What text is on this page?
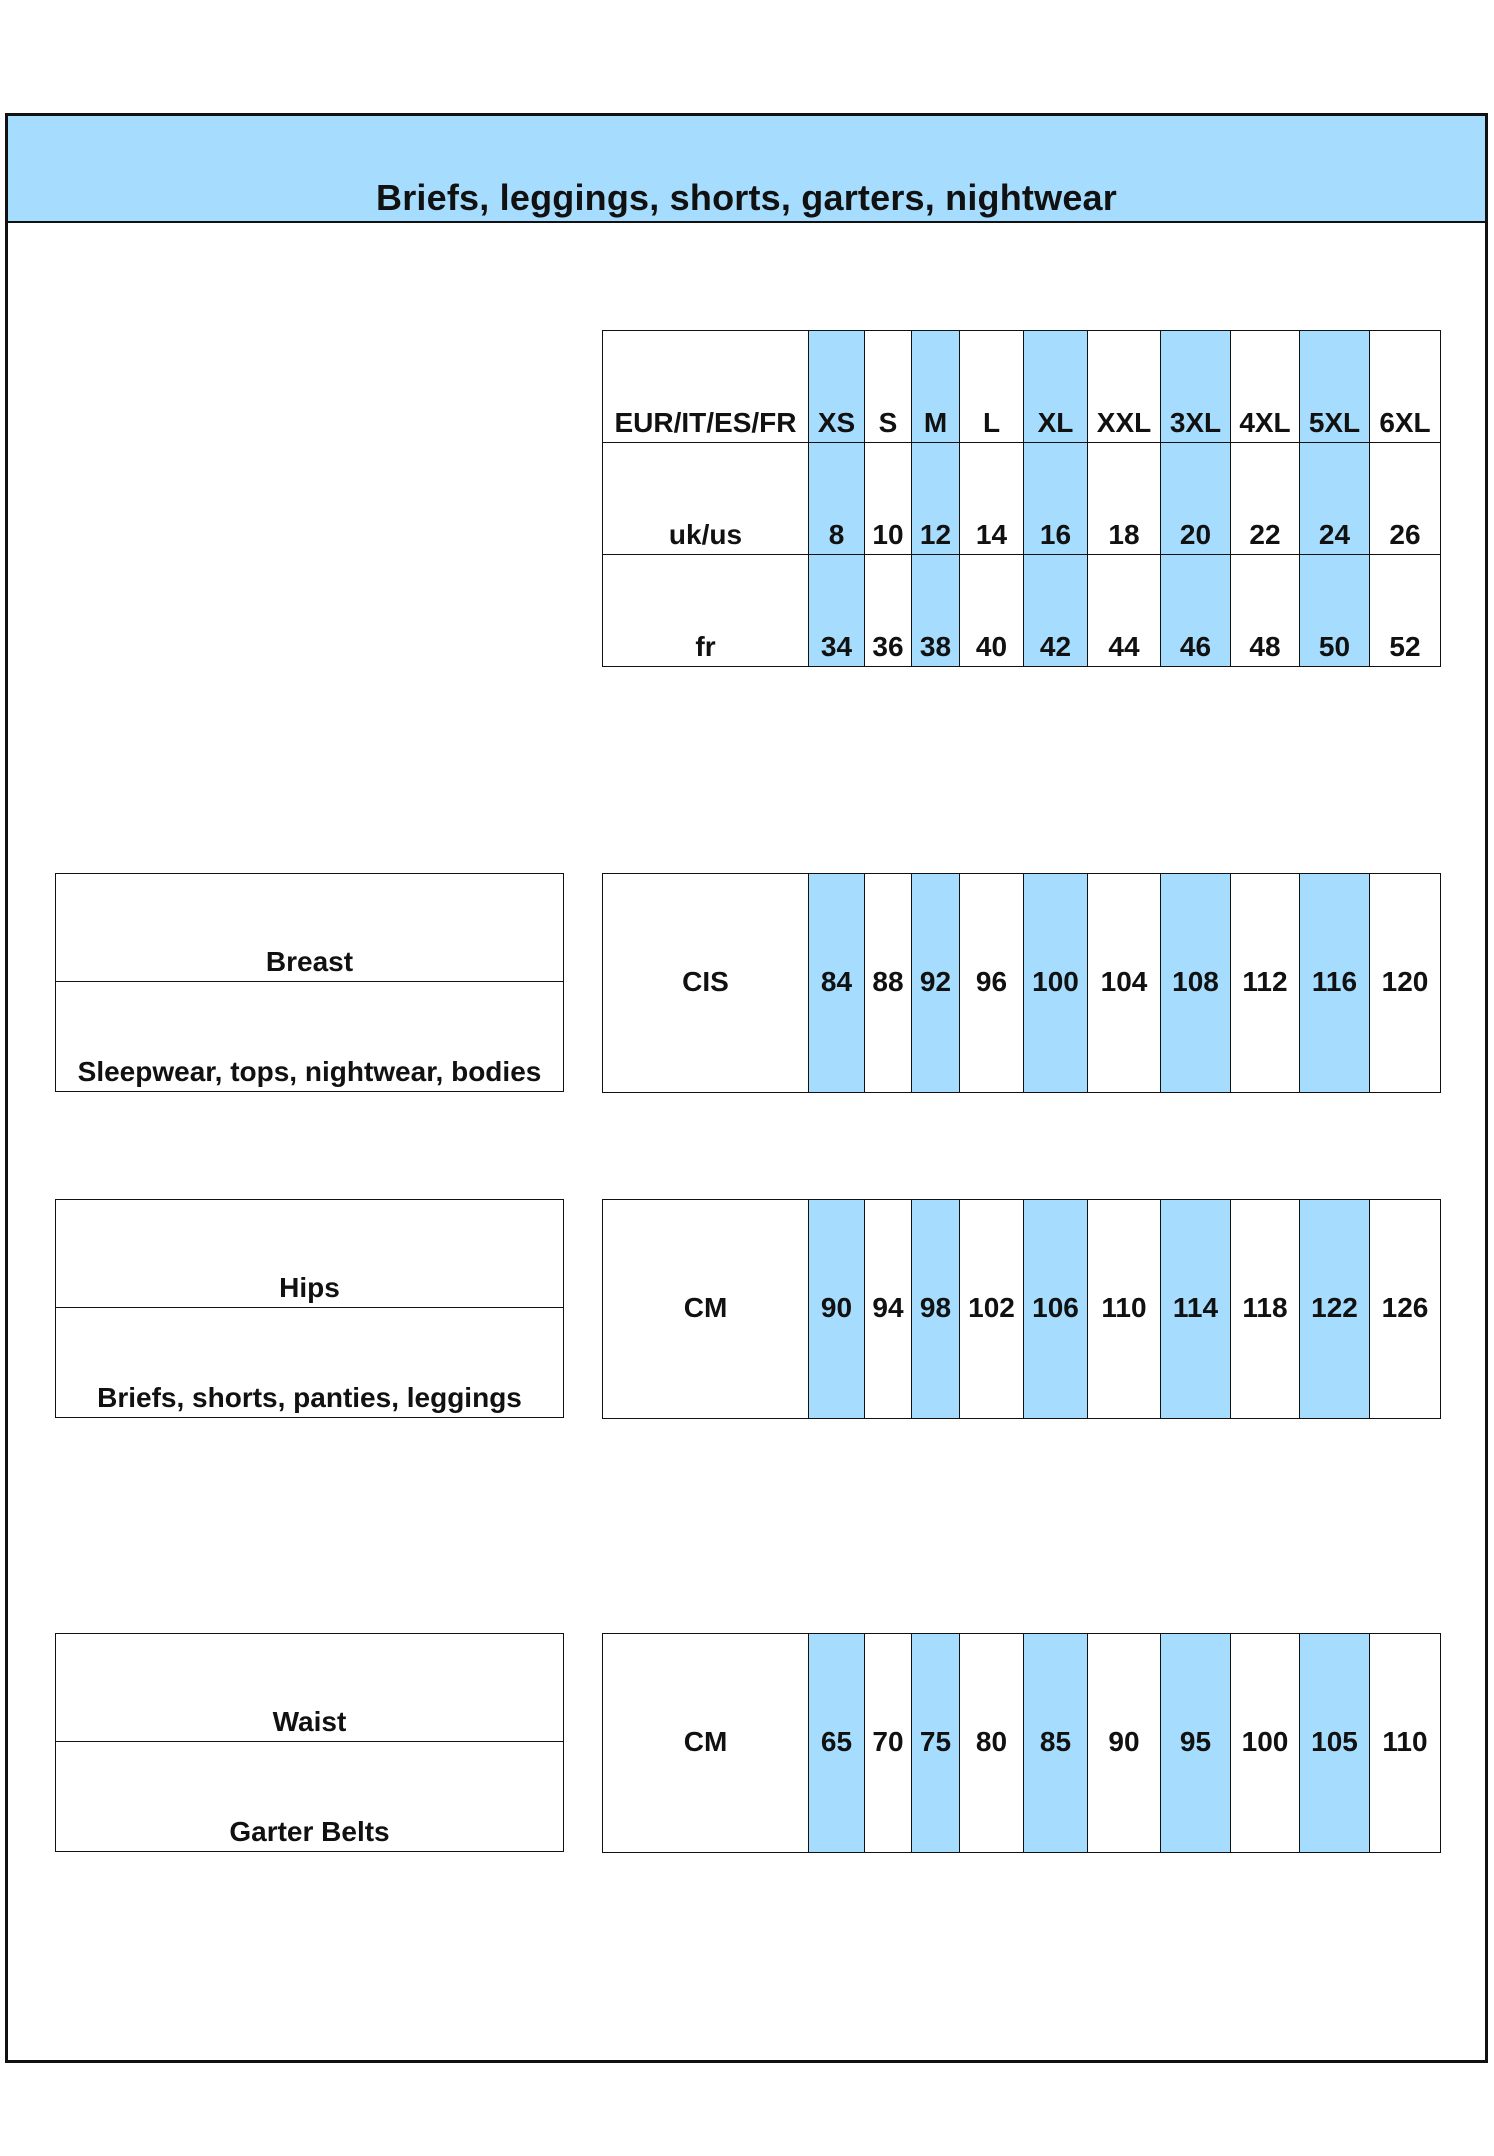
Briefs, leggings, shorts, garters, nightwear
EUR/IT/ES/FR	XS	S	M	L	XL	XXL	3XL	4XL	5XL	6XL
uk/us	8	10	12	14	16	18	20	22	24	26
fr	34	36	38	40	42	44	46	48	50	52
Breast
Sleepwear, tops, nightwear, bodies
CIS	84	88	92	96	100	104	108	112	116	120
Hips
Briefs, shorts, panties, leggings
CM	90	94	98	102	106	110	114	118	122	126
Waist
Garter Belts
CM	65	70	75	80	85	90	95	100	105	110
